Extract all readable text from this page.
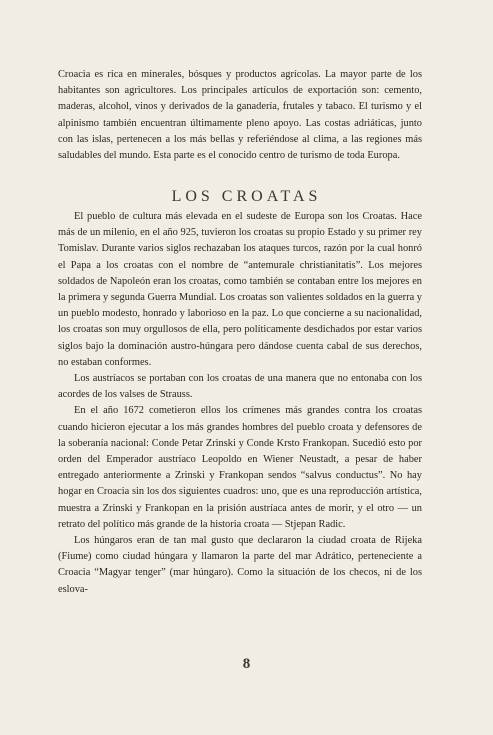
Croacia es rica en minerales, bósques y productos agrícolas. La mayor parte de los habitantes son agricultores. Los principales artículos de exportación son: cemento, maderas, alcohol, vinos y derivados de la ganadería, frutales y tabaco. El turismo y el alpinismo también encuentran últimamente pleno apoyo. Las costas adriáticas, junto con las islas, pertenecen a los más bellas y referiéndose al clima, a las regiones más saludables del mundo. Esta parte es el conocido centro de turismo de toda Europa.

LOS CROATAS

El pueblo de cultura más elevada en el sudeste de Europa son los Croatas. Hace más de un milenio, en el año 925, tuvieron los croatas su propio Estado y su primer rey Tomislav. Durante varios siglos rechazaban los ataques turcos, razón por la cual honró el Papa a los croatas con el nombre de “antemurale christianitatis”. Los mejores soldados de Napoleón eran los croatas, como también se contaban entre los mejores en la primera y segunda Guerra Mundial. Los croatas son valientes soldados en la guerra y un pueblo modesto, honrado y laborioso en la paz. Lo que concierne a su nacionalidad, los croatas son muy orgullosos de ella, pero políticamente desdichados por estar varios siglos bajo la dominación austro-húngara pero dándose cuenta cabal de sus derechos, no estaban conformes.

Los austríacos se portaban con los croatas de una manera que no entonaba con los acordes de los valses de Strauss.

En el año 1672 cometieron ellos los crímenes más grandes contra los croatas cuando hicieron ejecutar a los más grandes hombres del pueblo croata y defensores de la soberanía nacional: Conde Petar Zrinski y Conde Krsto Frankopan. Sucedió esto por orden del Emperador austríaco Leopoldo en Wiener Neustadt, a pesar de haber entregado anteriormente a Zrinski y Frankopan sendos “salvus conductus”. No hay hogar en Croacia sin los dos siguientes cuadros: uno, que es una reproducción artística, muestra a Zrinski y Frankopan en la prisión austríaca antes de morir, y el otro — un retrato del político más grande de la historia croata — Stjepan Radic.

Los húngaros eran de tan mal gusto que declararon la ciudad croata de Rijeka (Fiume) como ciudad húngara y llamaron la parte del mar Adrático, perteneciente a Croacia “Magyar tenger” (mar húngaro). Como la situación de los checos, ni de los eslova-

8
